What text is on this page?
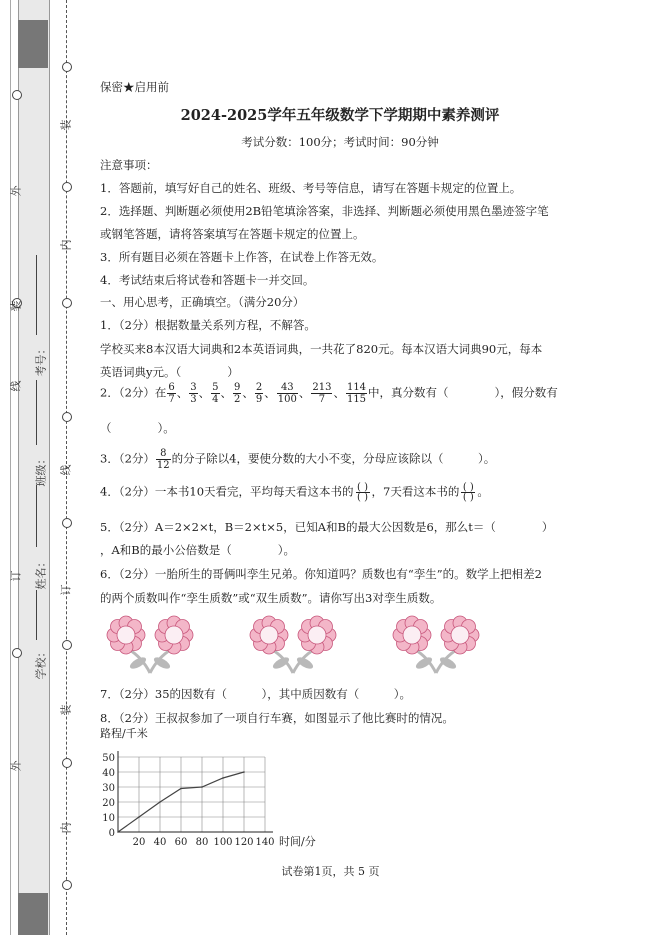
装
内
线
订
装
内
外
线
订
外
装
考号：
班级：
姓名：
学校：
保密★启用前
2024-2025学年五年级数学下学期期中素养测评
考试分数：100分；考试时间：90分钟
注意事项：
1．答题前，填写好自己的姓名、班级、考号等信息，请写在答题卡规定的位置上。
2．选择题、判断题必须使用2B铅笔填涂答案，非选择、判断题必须使用黑色墨迹签字笔
或钢笔答题，请将答案填写在答题卡规定的位置上。
3．所有题目必须在答题卡上作答，在试卷上作答无效。
4．考试结束后将试卷和答题卡一并交回。
一、用心思考，正确填空。（满分20分）
1．（2分）根据数量关系列方程，不解答。
学校买来8本汉语大词典和2本英语词典，一共花了820元。每本汉语大词典90元，每本
英语词典y元。（　　　　）
2．（2分）在 $\frac{6}{7}$ 、 $\frac{3}{3}$ 、 $\frac{5}{4}$ 、 $\frac{9}{2}$ 、 $\frac{2}{9}$ 、 $\frac{43}{100}$ 、 $\frac{213}{7}$ 、 $\frac{114}{115}$ 中，真分数有（　　　　），假分数有
（　　　　）。
3．（2分） $\frac{8}{12}$ 的分子除以4，要使分数的大小不变，分母应该除以（　　　）。
4．（2分）一本书10天看完，平均每天看这本书的 $\frac{( )}{( )}$ ，7天看这本书的 $\frac{( )}{( )}$ 。
5．（2分）A＝2×2×t，B＝2×t×5，已知A和B的最大公因数是6，那么t＝（　　　　）
，A和B的最小公倍数是（　　　　）。
6．（2分）一胎所生的哥俩叫孪生兄弟。你知道吗？质数也有“孪生”的。数学上把相差2
的两个质数叫作“孪生质数”或“双生质数”。请你写出3对孪生质数。
7．（2分）35的因数有（　　　），其中质因数有（　　　）。
8．（2分）王叔叔参加了一项自行车赛，如图显示了他比赛时的情况。
路程/千米
0
10
20
30
40
50
20 40 60 80 100 120 140 时间/分
试卷第1页，共 5 页
